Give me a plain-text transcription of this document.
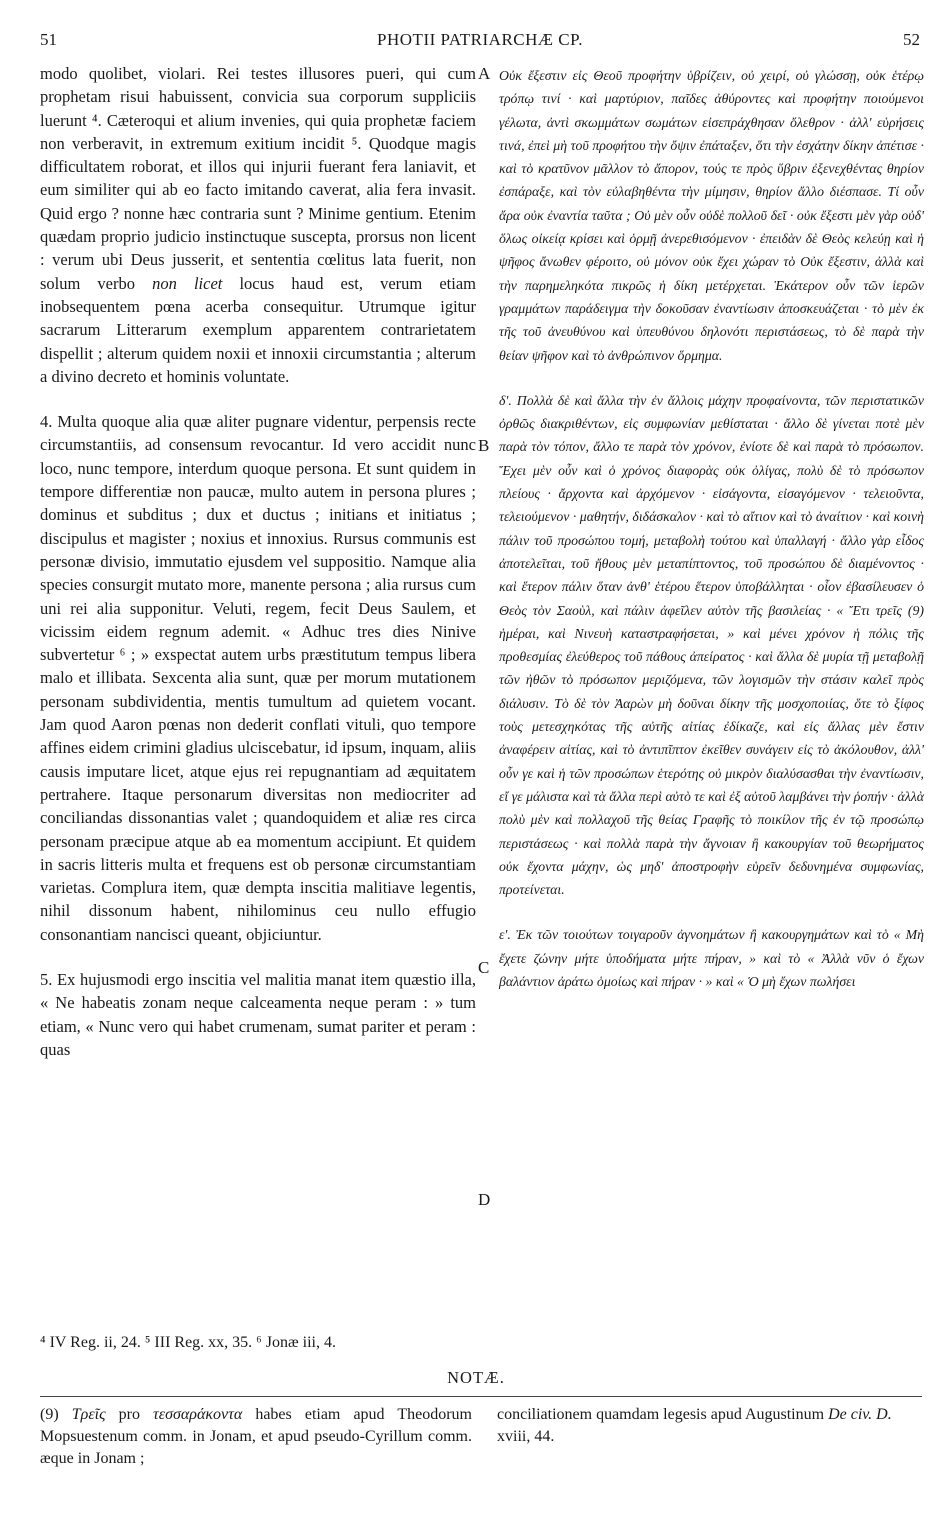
51	PHOTII PATRIARCHÆ CP.	52

modo quolibet, violari. Rei testes illusores pueri, qui cum prophetam risui habuissent, convicia sua corporum suppliciis luerunt ⁴. Cæteroqui et alium invenies, qui quia prophetæ faciem non verberavit, in extremum exitium incidit ⁵. Quodque magis difficultatem roborat, et illos qui injurii fuerant fera laniavit, et eum similiter qui ab eo facto imitando caverat, alia fera invasit. Quid ergo ? nonne hæc contraria sunt ? Minime gentium. Etenim quædam proprio judicio instinctuque suscepta, prorsus non licent : verum ubi Deus jusserit, et sententia cœlitus lata fuerit, non solum verbo non licet locus haud est, verum etiam inobsequentem pœna acerba consequitur. Utrumque igitur sacrarum Litterarum exemplum apparentem contrarietatem dispellit ; alterum quidem noxii et innoxii circumstantia ; alterum a divino decreto et hominis voluntate.

4. Multa quoque alia quæ aliter pugnare videntur, perpensis recte circumstantiis, ad consensum revocantur. Id vero accidit nunc loco, nunc tempore, interdum quoque persona. Et sunt quidem in tempore differentiæ non paucæ, multo autem in persona plures ; dominus et subditus ; dux et ductus ; initians et initiatus ; discipulus et magister ; noxius et innoxius. Rursus communis est personæ divisio, immutatio ejusdem vel suppositio. Namque alia species consurgit mutato more, manente persona ; alia rursus cum uni rei alia supponitur. Veluti, regem, fecit Deus Saulem, et vicissim eidem regnum ademit. « Adhuc tres dies Ninive subvertetur ⁶ ; » exspectat autem urbs præstitutum tempus libera malo et illibata. Sexcenta alia sunt, quæ per morum mutationem personam subdividentia, mentis tumultum ad quietem vocant. Jam quod Aaron pœnas non dederit conflati vituli, quo tempore affines eidem crimini gladius ulciscebatur, id ipsum, inquam, aliis causis imputare licet, atque ejus rei repugnantiam ad æquitatem pertrahere. Itaque personarum diversitas non mediocriter ad conciliandas dissonantias valet ; quandoquidem et aliæ res circa personam præcipue atque ab ea momentum accipiunt. Et quidem in sacris litteris multa et frequens est ob personæ circumstantiam varietas. Complura item, quæ dempta inscitia malitiave legentis, nihil dissonum habent, nihilominus ceu nullo effugio consonantiam nancisci queant, objiciuntur.

5. Ex hujusmodi ergo inscitia vel malitia manat item quæstio illa, « Ne habeatis zonam neque calceamenta neque peram : » tum etiam, « Nunc vero qui habet crumenam, sumat pariter et peram : quas

A
B
C
D

Οὐκ ἔξεστιν εἰς Θεοῦ προφήτην ὑβρίζειν, οὐ χειρί, οὐ γλώσσῃ, οὐκ ἑτέρῳ τρόπῳ τινί · καὶ μαρτύριον, παῖδες ἀθύροντες καὶ προφήτην ποιούμενοι γέλωτα, ἀντὶ σκωμμάτων σωμάτων εἰσεπράχθησαν ὄλεθρον · ἀλλ' εὑρήσεις τινά, ἐπεὶ μὴ τοῦ προφήτου τὴν ὄψιν ἐπάταξεν, ὅτι τὴν ἐσχάτην δίκην ἀπέτισε · καὶ τὸ κρατῦνον μᾶλλον τὸ ἄπορον, τούς τε πρὸς ὕβριν ἐξενεχθέντας θηρίον ἐσπάραξε, καὶ τὸν εὐλαβηθέντα τὴν μίμησιν, θηρίον ἄλλο διέσπασε. Τί οὖν ἄρα οὐκ ἐναντία ταῦτα ; Οὐ μὲν οὖν οὐδὲ πολλοῦ δεῖ · οὐκ ἔξεστι μὲν γὰρ οὐδ' ὅλως οἰκείᾳ κρίσει καὶ ὁρμῇ ἀνερεθισόμενον · ἐπειδὰν δὲ Θεὸς κελεύῃ καὶ ἡ ψῆφος ἄνωθεν φέροιτο, οὐ μόνον οὐκ ἔχει χώραν τὸ Οὐκ ἔξεστιν, ἀλλὰ καὶ τὴν παρημεληκότα πικρῶς ἡ δίκη μετέρχεται. Ἑκάτερον οὖν τῶν ἱερῶν γραμμάτων παράδειγμα τὴν δοκοῦσαν ἐναντίωσιν ἀποσκευάζεται · τὸ μὲν ἐκ τῆς τοῦ ἀνευθύνου καὶ ὑπευθύνου δηλονότι περιστάσεως, τὸ δὲ παρὰ τὴν θείαν ψῆφον καὶ τὸ ἀνθρώπινον ὅρμημα.

δ'. Πολλὰ δὲ καὶ ἄλλα τὴν ἐν ἄλλοις μάχην προφαίνοντα, τῶν περιστατικῶν ὀρθῶς διακριθέντων, εἰς συμφωνίαν μεθίσταται · ἄλλο δὲ γίνεται ποτὲ μὲν παρὰ τὸν τόπον, ἄλλο τε παρὰ τὸν χρόνον, ἐνίοτε δὲ καὶ παρὰ τὸ πρόσωπον. Ἔχει μὲν οὖν καὶ ὁ χρόνος διαφορὰς οὐκ ὀλίγας, πολὺ δὲ τὸ πρόσωπον πλείους · ἄρχοντα καὶ ἀρχόμενον · εἰσάγοντα, εἰσαγόμενον · τελειοῦντα, τελειούμενον · μαθητήν, διδάσκαλον · καὶ τὸ αἴτιον καὶ τὸ ἀναίτιον · καὶ κοινὴ πάλιν τοῦ προσώπου τομή, μεταβολὴ τούτου καὶ ὑπαλλαγή · ἄλλο γὰρ εἶδος ἀποτελεῖται, τοῦ ἤθους μὲν μεταπίπτοντος, τοῦ προσώπου δὲ διαμένοντος · καὶ ἕτερον πάλιν ὅταν ἀνθ' ἑτέρου ἕτερον ὑποβάλληται · οἷον ἐβασίλευσεν ὁ Θεὸς τὸν Σαοὺλ, καὶ πάλιν ἀφεῖλεν αὐτὸν τῆς βασιλείας · « Ἔτι τρεῖς (9) ἡμέραι, καὶ Νινευὴ καταστραφήσεται, » καὶ μένει χρόνον ἡ πόλις τῆς προθεσμίας ἐλεύθερος τοῦ πάθους ἀπείρατος · καὶ ἄλλα δὲ μυρία τῇ μεταβολῇ τῶν ἠθῶν τὸ πρόσωπον μεριζόμενα, τῶν λογισμῶν τὴν στάσιν καλεῖ πρὸς διάλυσιν. Τὸ δὲ τὸν Ἀαρὼν μὴ δοῦναι δίκην τῆς μοσχοποιίας, ὅτε τὸ ξίφος τοὺς μετεσχηκότας τῆς αὐτῆς αἰτίας ἐδίκαζε, καὶ εἰς ἄλλας μὲν ἔστιν ἀναφέρειν αἰτίας, καὶ τὸ ἀντιπῖπτον ἐκεῖθεν συνάγειν εἰς τὸ ἀκόλουθον, ἀλλ' οὖν γε καὶ ἡ τῶν προσώπων ἑτερότης οὐ μικρὸν διαλύσασθαι τὴν ἐναντίωσιν, εἴ γε μάλιστα καὶ τὰ ἄλλα περὶ αὐτὸ τε καὶ ἐξ αὐτοῦ λαμβάνει τὴν ῥοπήν · ἀλλὰ πολὺ μὲν καὶ πολλαχοῦ τῆς θείας Γραφῆς τὸ ποικίλον τῆς ἐν τῷ προσώπῳ περιστάσεως · καὶ πολλὰ παρὰ τὴν ἄγνοιαν ἢ κακουργίαν τοῦ θεωρήματος οὐκ ἔχοντα μάχην, ὡς μηδ' ἀποστροφὴν εὑρεῖν δεδυνημένα συμφωνίας, προτείνεται.

ε'. Ἐκ τῶν τοιούτων τοιγαροῦν ἀγνοημάτων ἢ κακουργημάτων καὶ τὸ « Μὴ ἔχετε ζώνην μήτε ὑποδήματα μήτε πήραν, » καὶ τὸ « Ἀλλὰ νῦν ὁ ἔχων βαλάντιον ἀράτω ὁμοίως καὶ πήραν · » καὶ « Ὁ μὴ ἔχων πωλήσει

⁴ IV Reg. ii, 24. ⁵ III Reg. xx, 35. ⁶ Jonæ iii, 4.
NOTÆ.
(9) Τρεῖς pro τεσσαράκοντα habes etiam apud Theodorum Mopsuestenum comm. in Jonam, et apud pseudo-Cyrillum comm. æque in Jonam ;
conciliationem quamdam legesis apud Augustinum De civ. D. xviii, 44.
